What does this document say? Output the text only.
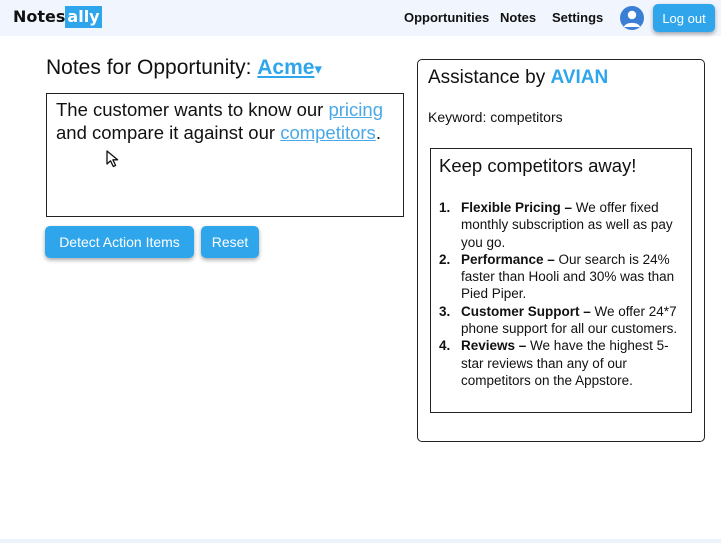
Notes ally	Opportunities Notes Settings	Log out
Notes for Opportunity: Acme▾
The customer wants to know our pricing and compare it against our competitors.
Detect Action Items	Reset
Assistance by AVIAN
Keyword: competitors
Keep competitors away!
1. Flexible Pricing – We offer fixed monthly subscription as well as pay you go.
2. Performance – Our search is 24% faster than Hooli and 30% was than Pied Piper.
3. Customer Support – We offer 24*7 phone support for all our customers.
4. Reviews – We have the highest 5-star reviews than any of our competitors on the Appstore.
